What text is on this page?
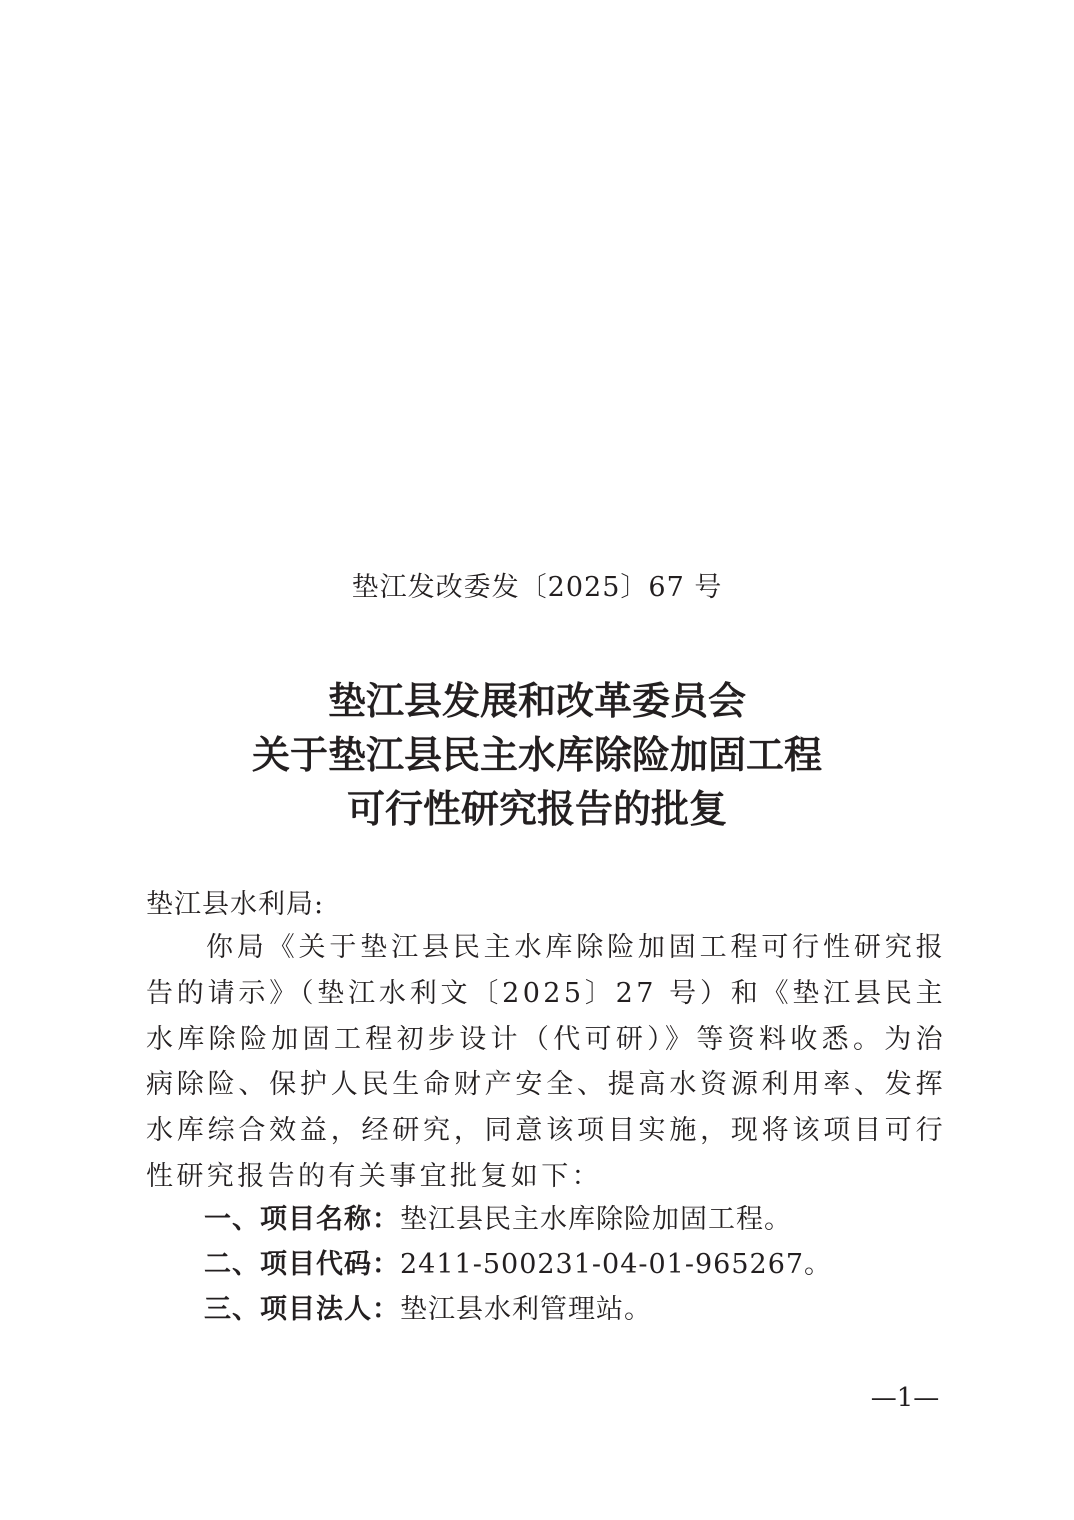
垫江发改委发〔2025〕67 号
垫江县发展和改革委员会
关于垫江县民主水库除险加固工程
可行性研究报告的批复
垫江县水利局:
你局《关于垫江县民主水库除险加固工程可行性研究报告的请示》（垫江水利文〔2025〕27 号）和《垫江县民主水库除险加固工程初步设计（代可研）》等资料收悉。为治病除险、保护人民生命财产安全、提高水资源利用率、发挥水库综合效益，经研究，同意该项目实施，现将该项目可行性研究报告的有关事宜批复如下：
一、项目名称：垫江县民主水库除险加固工程。
二、项目代码：2411-500231-04-01-965267。
三、项目法人：垫江县水利管理站。
—1—
